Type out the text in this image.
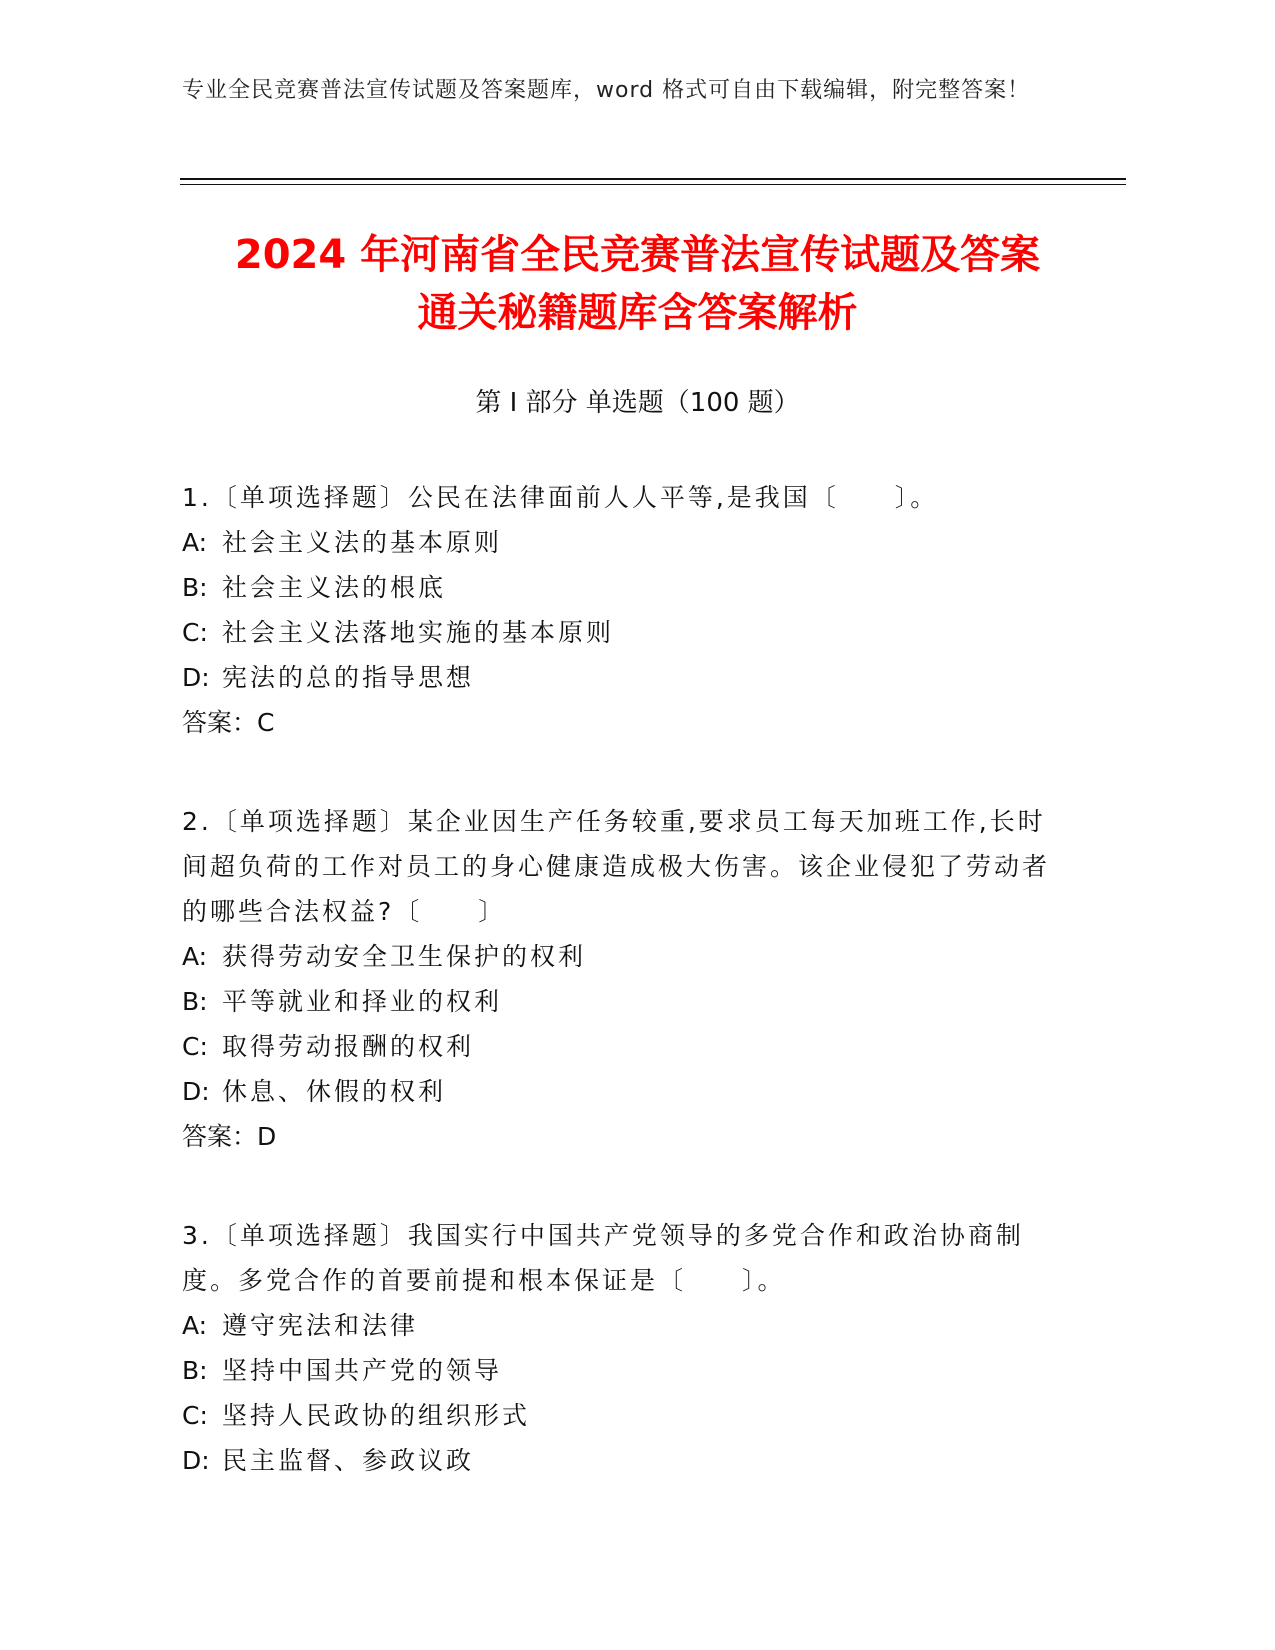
专业全民竞赛普法宣传试题及答案题库，word 格式可自由下载编辑，附完整答案！
2024 年河南省全民竞赛普法宣传试题及答案
通关秘籍题库含答案解析
第 I 部分 单选题（100 题）

1.〔单项选择题〕公民在法律面前人人平等,是我国〔　　〕。

A: 社会主义法的基本原则

B: 社会主义法的根底

C: 社会主义法落地实施的基本原则

D: 宪法的总的指导思想

答案：C

2.〔单项选择题〕某企业因生产任务较重,要求员工每天加班工作,长时间超负荷的工作对员工的身心健康造成极大伤害。该企业侵犯了劳动者的哪些合法权益?〔　　〕

A: 获得劳动安全卫生保护的权利

B: 平等就业和择业的权利

C: 取得劳动报酬的权利

D: 休息、休假的权利

答案：D

3.〔单项选择题〕我国实行中国共产党领导的多党合作和政治协商制度。多党合作的首要前提和根本保证是〔　　〕。

A: 遵守宪法和法律

B: 坚持中国共产党的领导

C: 坚持人民政协的组织形式

D: 民主监督、参政议政
